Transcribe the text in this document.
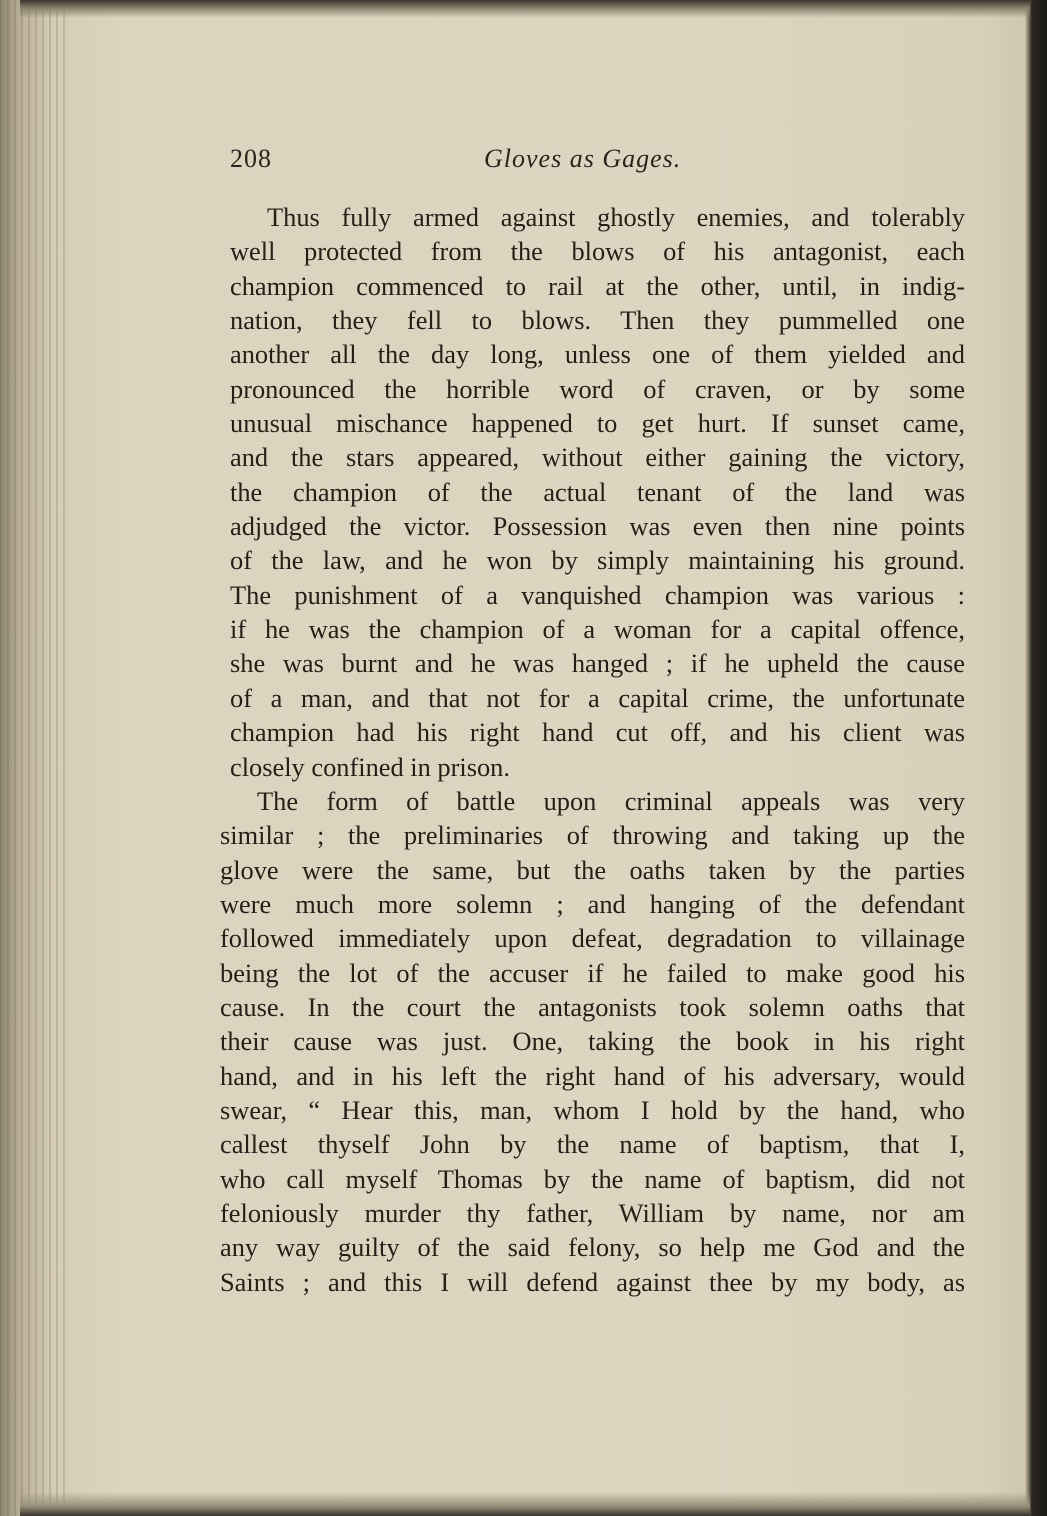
208	Gloves as Gages.
Thus fully armed against ghostly enemies, and tolerably
well protected from the blows of his antagonist, each
champion commenced to rail at the other, until, in indig-
nation, they fell to blows. Then they pummelled one
another all the day long, unless one of them yielded and
pronounced the horrible word of craven, or by some
unusual mischance happened to get hurt. If sunset came,
and the stars appeared, without either gaining the victory,
the champion of the actual tenant of the land was
adjudged the victor. Possession was even then nine points
of the law, and he won by simply maintaining his ground.
The punishment of a vanquished champion was various :
if he was the champion of a woman for a capital offence,
she was burnt and he was hanged ; if he upheld the cause
of a man, and that not for a capital crime, the unfortunate
champion had his right hand cut off, and his client was
closely confined in prison.
The form of battle upon criminal appeals was very
similar ; the preliminaries of throwing and taking up the
glove were the same, but the oaths taken by the parties
were much more solemn ; and hanging of the defendant
followed immediately upon defeat, degradation to villainage
being the lot of the accuser if he failed to make good his
cause. In the court the antagonists took solemn oaths that
their cause was just. One, taking the book in his right
hand, and in his left the right hand of his adversary, would
swear, “ Hear this, man, whom I hold by the hand, who
callest thyself John by the name of baptism, that I,
who call myself Thomas by the name of baptism, did not
feloniously murder thy father, William by name, nor am
any way guilty of the said felony, so help me God and the
Saints ; and this I will defend against thee by my body, as
